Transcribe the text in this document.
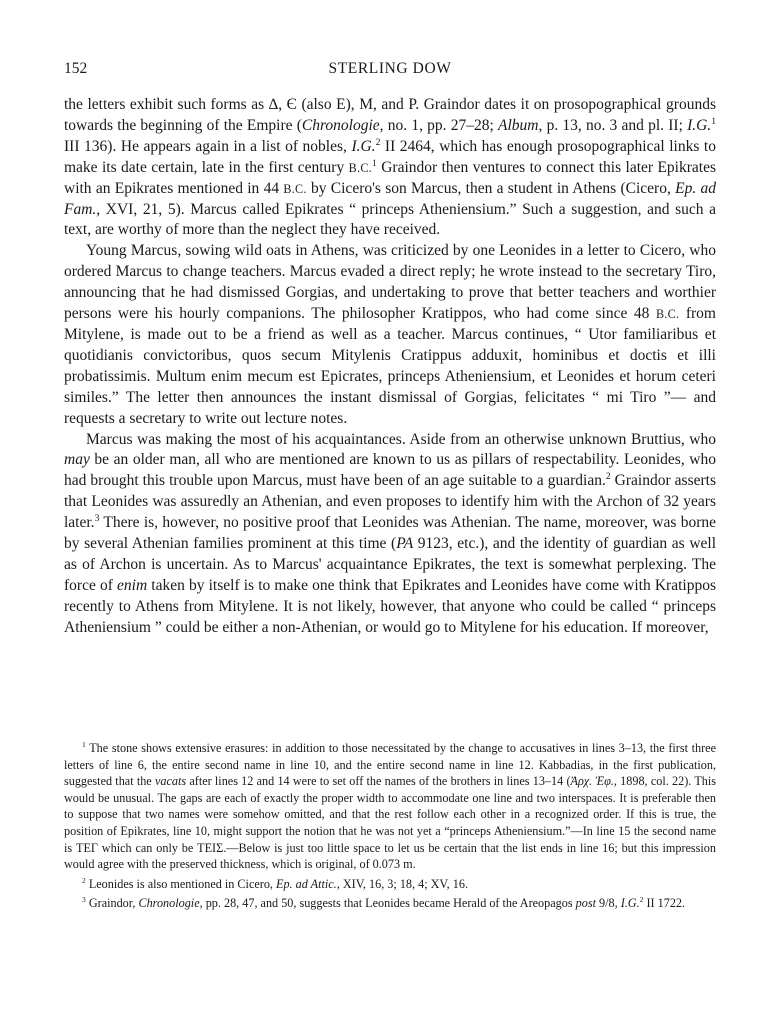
152	STERLING DOW

the letters exhibit such forms as ∆, Є (also E), M, and P. Graindor dates it on prosopographical grounds towards the beginning of the Empire (Chronologie, no. 1, pp. 27–28; Album, p. 13, no. 3 and pl. II; I.G.$^1$ III 136). He appears again in a list of nobles, I.G.$^2$ II 2464, which has enough prosopographical links to make its date certain, late in the first century B.C.$^1$ Graindor then ventures to connect this later Epikrates with an Epikrates mentioned in 44 B.C. by Cicero's son Marcus, then a student in Athens (Cicero, Ep. ad Fam., XVI, 21, 5). Marcus called Epikrates “ princeps Atheniensium.” Such a suggestion, and such a text, are worthy of more than the neglect they have received.

Young Marcus, sowing wild oats in Athens, was criticized by one Leonides in a letter to Cicero, who ordered Marcus to change teachers. Marcus evaded a direct reply; he wrote instead to the secretary Tiro, announcing that he had dismissed Gorgias, and undertaking to prove that better teachers and worthier persons were his hourly companions. The philosopher Kratippos, who had come since 48 B.C. from Mitylene, is made out to be a friend as well as a teacher. Marcus continues, “ Utor familiaribus et quotidianis convictoribus, quos secum Mitylenis Cratippus adduxit, hominibus et doctis et illi probatissimis. Multum enim mecum est Epicrates, princeps Atheniensium, et Leonides et horum ceteri similes.” The letter then announces the instant dismissal of Gorgias, felicitates “ mi Tiro ”— and requests a secretary to write out lecture notes.

Marcus was making the most of his acquaintances. Aside from an otherwise unknown Bruttius, who may be an older man, all who are mentioned are known to us as pillars of respectability. Leonides, who had brought this trouble upon Marcus, must have been of an age suitable to a guardian.$^2$ Graindor asserts that Leonides was assuredly an Athenian, and even proposes to identify him with the Archon of 32 years later.$^3$ There is, however, no positive proof that Leonides was Athenian. The name, moreover, was borne by several Athenian families prominent at this time (PA 9123, etc.), and the identity of guardian as well as of Archon is uncertain. As to Marcus' acquaintance Epikrates, the text is somewhat perplexing. The force of enim taken by itself is to make one think that Epikrates and Leonides have come with Kratippos recently to Athens from Mitylene. It is not likely, however, that anyone who could be called “ princeps Atheniensium ” could be either a non-Athenian, or would go to Mitylene for his education. If moreover,

$^1$ The stone shows extensive erasures: in addition to those necessitated by the change to accusatives in lines 3–13, the first three letters of line 6, the entire second name in line 10, and the entire second name in line 12. Kabbadias, in the first publication, suggested that the vacats after lines 12 and 14 were to set off the names of the brothers in lines 13–14 (Ἀρχ. Ἐφ., 1898, col. 22). This would be unusual. The gaps are each of exactly the proper width to accommodate one line and two interspaces. It is preferable then to suppose that two names were somehow omitted, and that the rest follow each other in a recognized order. If this is true, the position of Epikrates, line 10, might support the notion that he was not yet a “princeps Atheniensium.”—In line 15 the second name is ΤΕΓ which can only be ΤΕΙΣ.—Below is just too little space to let us be certain that the list ends in line 16; but this impression would agree with the preserved thickness, which is original, of 0.073 m.

$^2$ Leonides is also mentioned in Cicero, Ep. ad Attic., XIV, 16, 3; 18, 4; XV, 16.

$^3$ Graindor, Chronologie, pp. 28, 47, and 50, suggests that Leonides became Herald of the Areopagos post 9/8, I.G.$^2$ II 1722.
